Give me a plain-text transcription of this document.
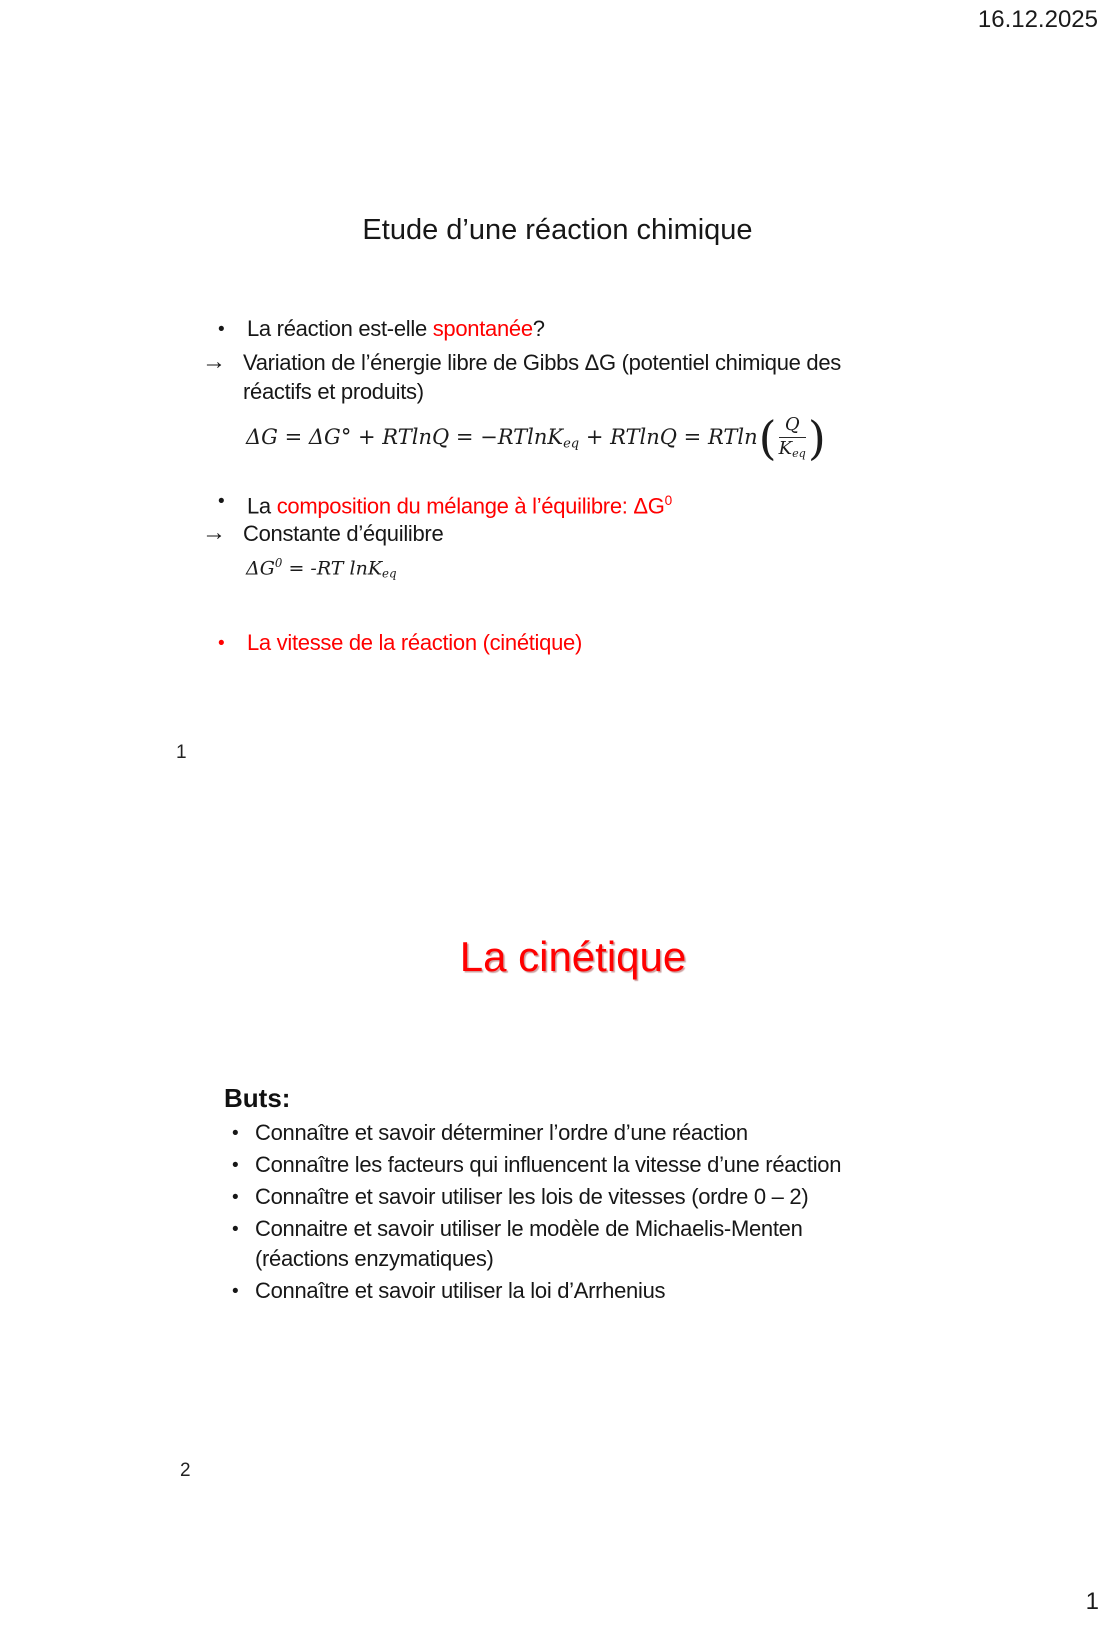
16.12.2025
Etude d’une réaction chimique
• La réaction est-elle spontanée?
→ Variation de l’énergie libre de Gibbs ΔG (potentiel chimique des réactifs et produits)
ΔG = ΔG° + RTlnQ = −RTlnK$_{eq}$ + RTlnQ = RTln ( $\frac{Q}{K_{eq}}$ )
• La composition du mélange à l’équilibre: $\Delta G^0$
→ Constante d’équilibre
$\Delta G^0 = -RT$ lnK$_{eq}$
• La vitesse de la réaction (cinétique)
1
La cinétique
Buts:
• Connaître et savoir déterminer l’ordre d’une réaction
• Connaître les facteurs qui influencent la vitesse d’une réaction
• Connaître et savoir utiliser les lois de vitesses (ordre 0 – 2)
• Connaitre et savoir utiliser le modèle de Michaelis-Menten (réactions enzymatiques)
• Connaître et savoir utiliser la loi d’Arrhenius
2
1
